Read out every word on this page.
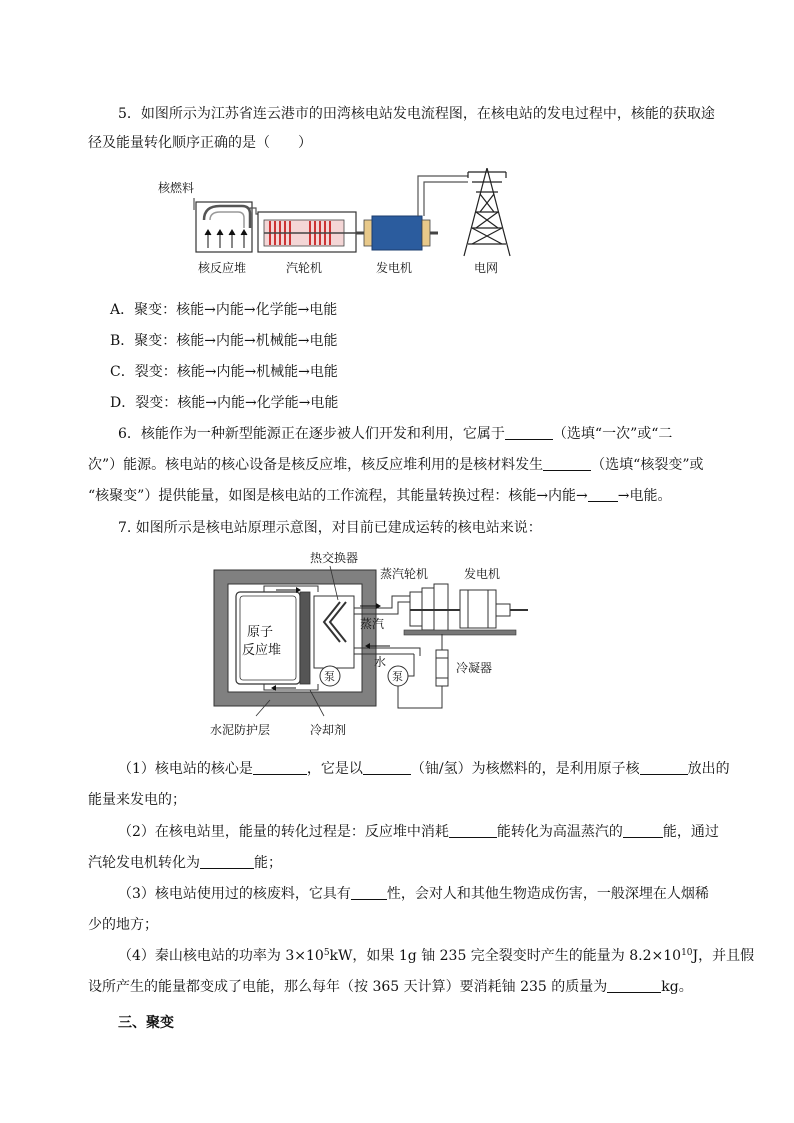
5．如图所示为江苏省连云港市的田湾核电站发电流程图，在核电站的发电过程中，核能的获取途
径及能量转化顺序正确的是（　　）
核燃料
核反应堆	汽轮机	发电机	电网
A．聚变：核能→内能→化学能→电能
B．聚变：核能→内能→机械能→电能
C．裂变：核能→内能→机械能→电能
D．裂变：核能→内能→化学能→电能
6．核能作为一种新型能源正在逐步被人们开发和利用，它属于	（选填“一次”或“二
次”）能源。核电站的核心设备是核反应堆，核反应堆利用的是核材料发生	（选填“核裂变”或
“核聚变”）提供能量，如图是核电站的工作流程，其能量转换过程：核能→内能→ →电能。
7. 如图所示是核电站原理示意图，对目前已建成运转的核电站来说：
原子
反应堆
泵
蒸汽
水
泵
蒸汽轮机	发电机
冷凝器
热交换器
水泥防护层	冷却剂
（1）核电站的核心是	，它是以	（铀/氢）为核燃料的，是利用原子核	放出的
能量来发电的；
（2）在核电站里，能量的转化过程是：反应堆中消耗	能转化为高温蒸汽的	能，通过
汽轮发电机转化为	能；
（3）核电站使用过的核废料，它具有	性，会对人和其他生物造成伤害，一般深埋在人烟稀
少的地方；
（4）秦山核电站的功率为 $3\times 10^5kW$，如果 1g 铀 235 完全裂变时产生的能量为 $8.2\times 10^{10}J$，并且假
设所产生的能量都变成了电能，那么每年（按 365 天计算）要消耗铀 235 的质量为	kg。
三、聚变
